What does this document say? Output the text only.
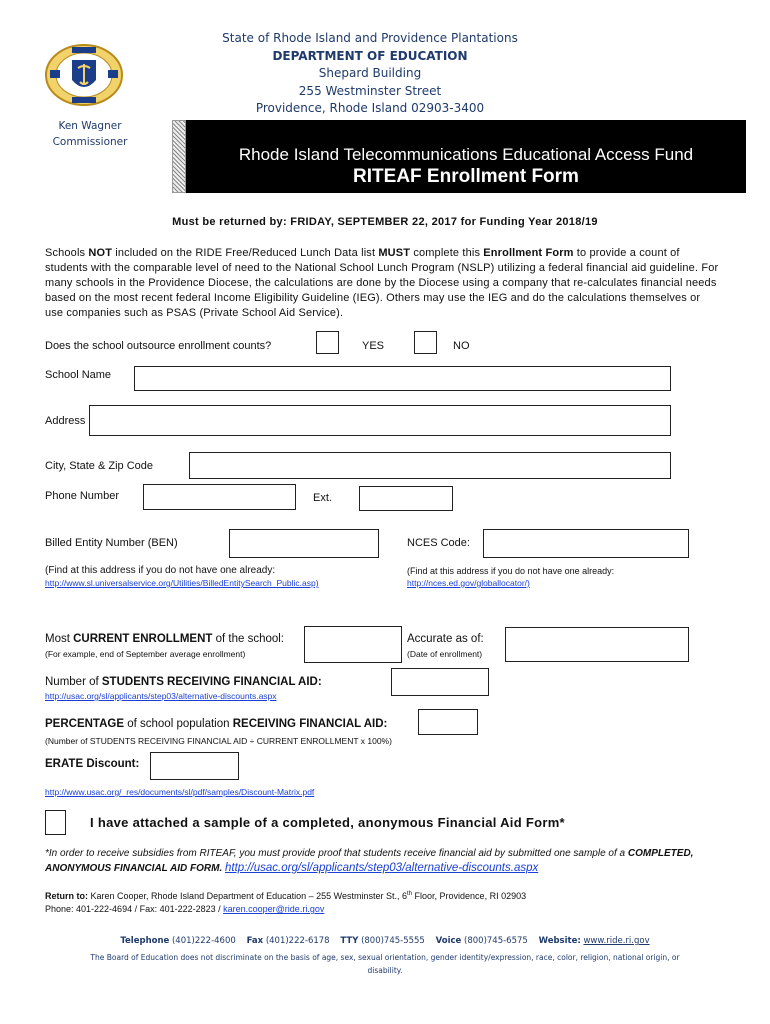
State of Rhode Island and Providence Plantations
DEPARTMENT OF EDUCATION
Shepard Building
255 Westminster Street
Providence, Rhode Island 02903-3400
Ken Wagner
Commissioner
Rhode Island Telecommunications Educational Access Fund
RITEAF Enrollment Form
Must be returned by: FRIDAY, SEPTEMBER 22, 2017 for Funding Year 2018/19
Schools NOT included on the RIDE Free/Reduced Lunch Data list MUST complete this Enrollment Form to provide a count of students with the comparable level of need to the National School Lunch Program (NSLP) utilizing a federal financial aid guideline. For many schools in the Providence Diocese, the calculations are done by the Diocese using a company that re-calculates financial needs based on the most recent federal Income Eligibility Guideline (IEG). Others may use the IEG and do the calculations themselves or use companies such as PSAS (Private School Aid Service).
Does the school outsource enrollment counts?	YES	NO
School Name
Address
City, State & Zip Code
Phone Number	Ext.
Billed Entity Number (BEN)	NCES Code:
(Find at this address if you do not have one already:
http://www.sl.universalservice.org/Utilities/BilledEntitySearch_Public.asp)
(Find at this address if you do not have one already:
http://nces.ed.gov/globallocator/)
Most CURRENT ENROLLMENT of the school:
(For example, end of September average enrollment)
Accurate as of:
(Date of enrollment)
Number of STUDENTS RECEIVING FINANCIAL AID:
http://usac.org/sl/applicants/step03/alternative-discounts.aspx
PERCENTAGE of school population RECEIVING FINANCIAL AID:
(Number of STUDENTS RECEIVING FINANCIAL AID ÷ CURRENT ENROLLMENT x 100%)
ERATE Discount:
http://www.usac.org/_res/documents/sl/pdf/samples/Discount-Matrix.pdf
I have attached a sample of a completed, anonymous Financial Aid Form*
*In order to receive subsidies from RITEAF, you must provide proof that students receive financial aid by submitted one sample of a COMPLETED, ANONYMOUS FINANCIAL AID FORM. http://usac.org/sl/applicants/step03/alternative-discounts.aspx
Return to: Karen Cooper, Rhode Island Department of Education – 255 Westminster St., 6th Floor, Providence, RI 02903
Phone: 401-222-4694 / Fax: 401-222-2823 / karen.cooper@ride.ri.gov
Telephone (401)222-4600 Fax (401)222-6178 TTY (800)745-5555 Voice (800)745-6575 Website: www.ride.ri.gov
The Board of Education does not discriminate on the basis of age, sex, sexual orientation, gender identity/expression, race, color, religion, national origin, or
disability.
